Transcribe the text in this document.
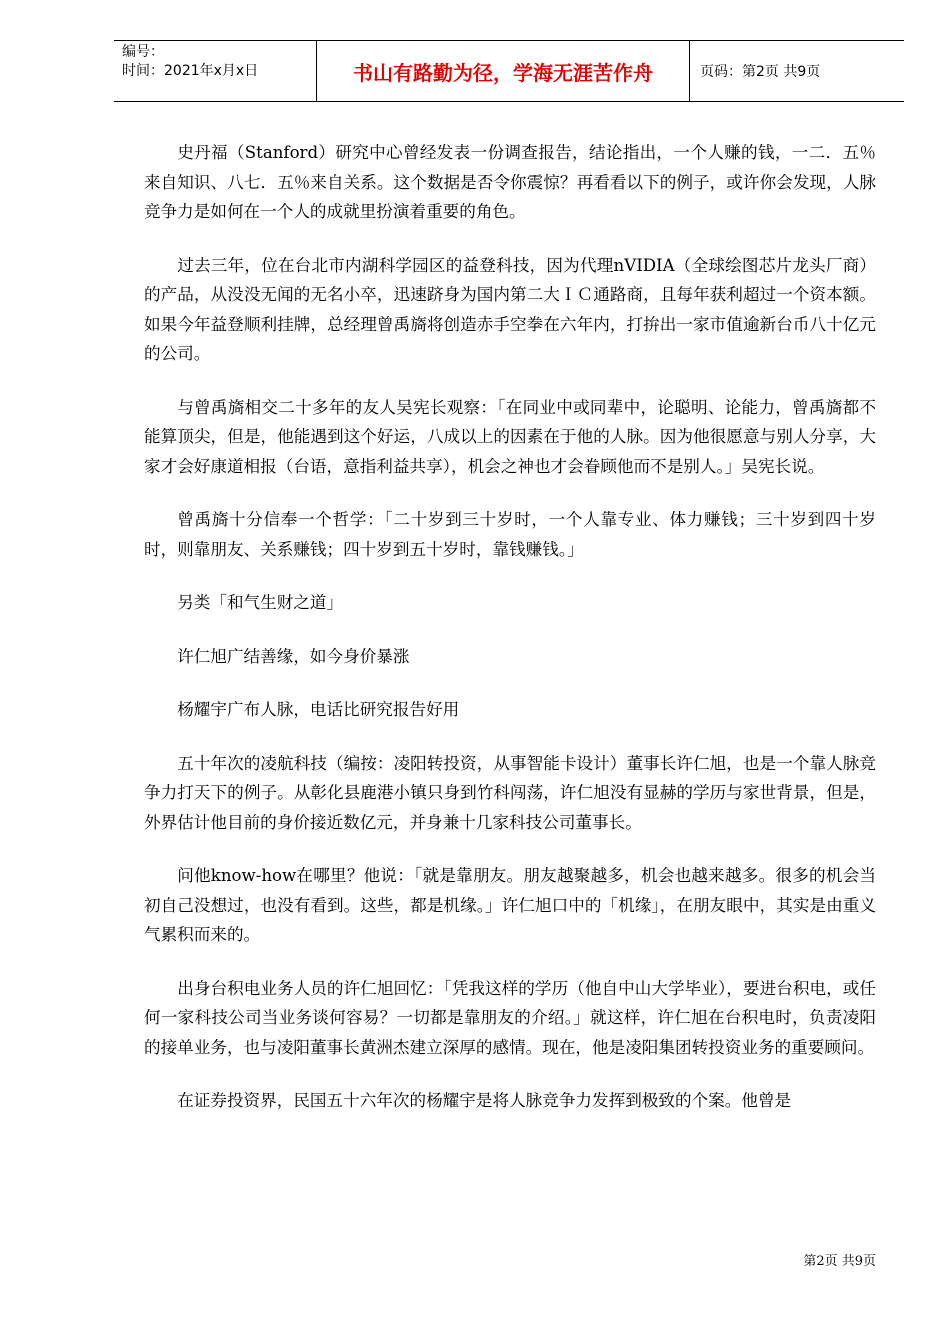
编号：
时间：2021年x月x日	书山有路勤为径，学海无涯苦作舟	页码：第2页 共9页

史丹福（Stanford）研究中心曾经发表一份调查报告，结论指出，一个人赚的钱，一二．五％来自知识、八七．五％来自关系。这个数据是否令你震惊？再看看以下的例子，或许你会发现，人脉竞争力是如何在一个人的成就里扮演着重要的角色。

过去三年，位在台北市内湖科学园区的益登科技，因为代理nVIDIA（全球绘图芯片龙头厂商）的产品，从没没无闻的无名小卒，迅速跻身为国内第二大ＩＣ通路商，且每年获利超过一个资本额。如果今年益登顺利挂牌，总经理曾禹旖将创造赤手空拳在六年内，打拚出一家市值逾新台币八十亿元的公司。

与曾禹旖相交二十多年的友人吴宪长观察：「在同业中或同辈中，论聪明、论能力，曾禹旖都不能算顶尖，但是，他能遇到这个好运，八成以上的因素在于他的人脉。因为他很愿意与别人分享，大家才会好康道相报（台语，意指利益共享），机会之神也才会眷顾他而不是别人。」吴宪长说。

曾禹旖十分信奉一个哲学：「二十岁到三十岁时，一个人靠专业、体力赚钱；三十岁到四十岁时，则靠朋友、关系赚钱；四十岁到五十岁时，靠钱赚钱。」

另类「和气生财之道」

许仁旭广结善缘，如今身价暴涨

杨耀宇广布人脉，电话比研究报告好用

五十年次的凌航科技（编按：凌阳转投资，从事智能卡设计）董事长许仁旭，也是一个靠人脉竞争力打天下的例子。从彰化县鹿港小镇只身到竹科闯荡，许仁旭没有显赫的学历与家世背景，但是，外界估计他目前的身价接近数亿元，并身兼十几家科技公司董事长。

问他know-how在哪里？他说：「就是靠朋友。朋友越聚越多，机会也越来越多。很多的机会当初自己没想过，也没有看到。这些，都是机缘。」许仁旭口中的「机缘」，在朋友眼中，其实是由重义气累积而来的。

出身台积电业务人员的许仁旭回忆：「凭我这样的学历（他自中山大学毕业），要进台积电，或任何一家科技公司当业务谈何容易？一切都是靠朋友的介绍。」就这样，许仁旭在台积电时，负责凌阳的接单业务，也与凌阳董事长黄洲杰建立深厚的感情。现在，他是凌阳集团转投资业务的重要顾问。

在证券投资界，民国五十六年次的杨耀宇是将人脉竞争力发挥到极致的个案。他曾是

第2页 共9页
